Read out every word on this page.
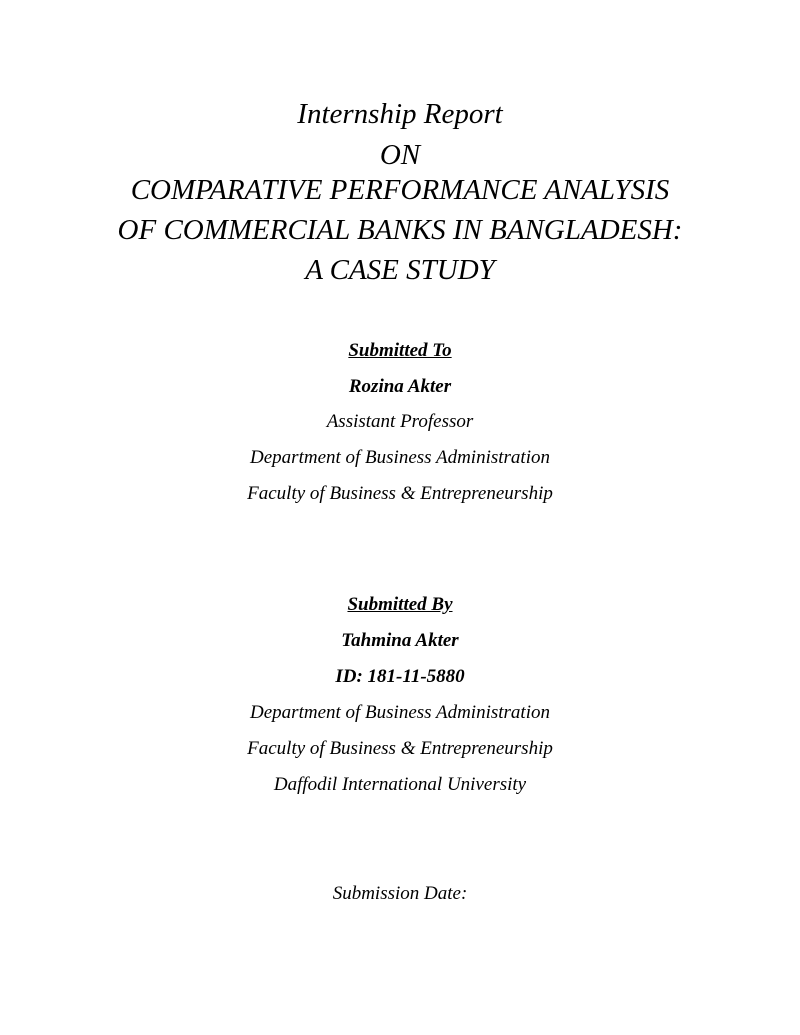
Internship Report
ON
COMPARATIVE PERFORMANCE ANALYSIS
OF COMMERCIAL BANKS IN BANGLADESH:
A CASE STUDY
Submitted To
Rozina Akter
Assistant Professor
Department of Business Administration
Faculty of Business & Entrepreneurship
Submitted By
Tahmina Akter
ID: 181-11-5880
Department of Business Administration
Faculty of Business & Entrepreneurship
Daffodil International University
Submission Date:
